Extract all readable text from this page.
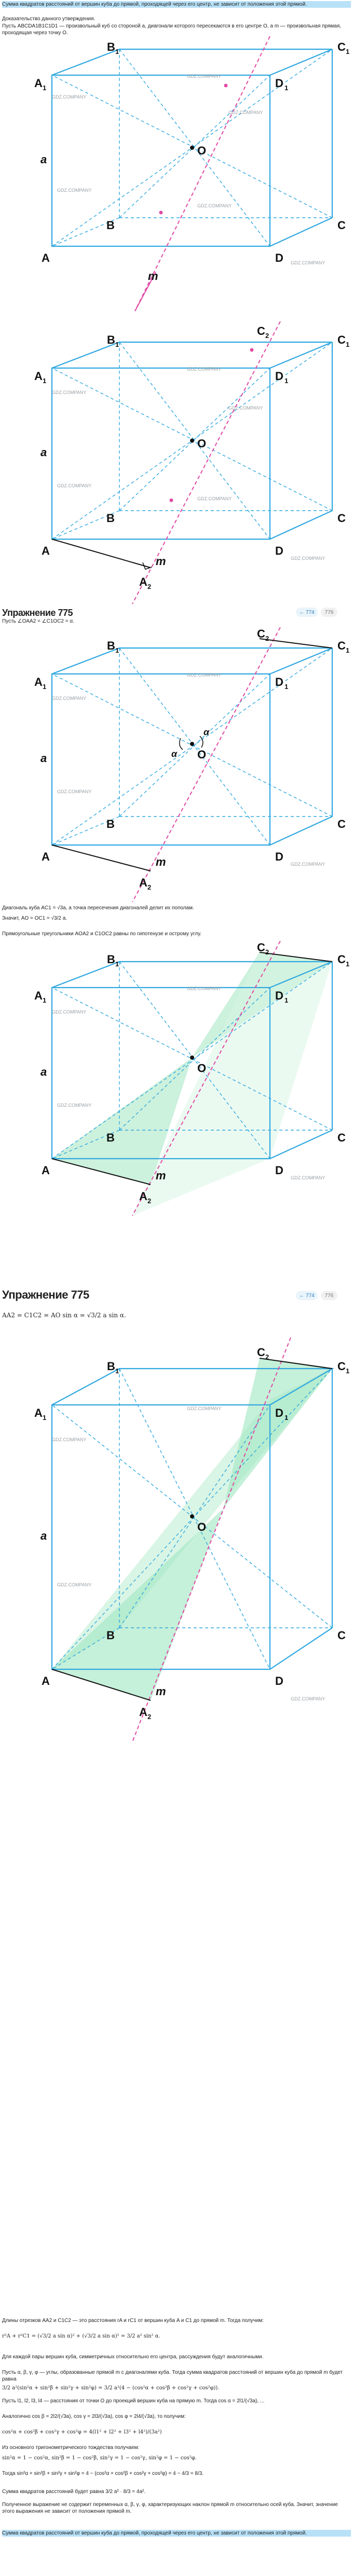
Сумма квадратов расстояний от вершин куба до прямой, проходящей через его центр, не зависит от положения этой прямой.
Доказательство данного утверждения.
Пусть ABCDA1B1C1D1 — произвольный куб со стороной a, диагонали которого пересекаются в его центре O, а m — произвольная прямая, проходящая через точку O.
A 1
B 1	C 1
D 1
A
B	C
D
O
a
m
GDZ.COMPANY
GDZ.COMPANY
GDZ.COMPANY
GDZ.COMPANY
GDZ.COMPANY
GDZ.COMPANY
A 1
B 1
C 2	C 1
D 1
A
B	C
D
O
a
m
A 2
GDZ.COMPANY
GDZ.COMPANY
GDZ.COMPANY
GDZ.COMPANY
GDZ.COMPANY
GDZ.COMPANY
Упражнение 775	← 774	776
Пусть ∠OAA2 = ∠C1OC2 = α.
A 1
B 1
C 2
C 1
D 1
A
B	C
D
O
α
α
a
m
A 2
GDZ.COMPANY
GDZ.COMPANY
GDZ.COMPANY
GDZ.COMPANY
Диагональ куба AC1 = √3a, а точка пересечения диагоналей делит их пополам.
Значит, AO = OC1 = √3/2 a.
Прямоугольные треугольники AOA2 и C1OC2 равны по гипотенузе и острому углу.
A 1
B 1
C 2
C 1
D 1
A
B	C
D
O
a
m
A 2
GDZ.COMPANY
GDZ.COMPANY
GDZ.COMPANY
GDZ.COMPANY
Упражнение 775	← 774	776
AA2 = C1C2 = AO sin α = √3/2 a sin α.
A 1
B 1
C 2
C 1
D 1
A
B	C
D
O
a
m
A 2
GDZ.COMPANY
GDZ.COMPANY
GDZ.COMPANY
GDZ.COMPANY
Длины отрезков AA2 и C1C2 — это расстояния rA и rC1 от вершин куба A и C1 до прямой m. Тогда получим:
r²A + r²C1 = (√3/2 a sin α)² + (√3/2 a sin α)² = 3/2 a² sin² α.
Для каждой пары вершин куба, симметричных относительно его центра, рассуждения будут аналогичными.
Пусть α, β, γ, φ — углы, образованные прямой m с диагоналями куба. Тогда сумма квадратов расстояний от вершин куба до прямой m будет равна
3/2 a²(sin²α + sin²β + sin²γ + sin²φ) = 3/2 a²(4 − (cos²α + cos²β + cos²γ + cos²φ)).
Пусть l1, l2, l3, l4 — расстояния от точки O до проекций вершин куба на прямую m. Тогда cos α = 2l1/(√3a), ...
Аналогично cos β = 2l2/(√3a), cos γ = 2l3/(√3a), cos φ = 2l4/(√3a), то получим:
cos²α + cos²β + cos²γ + cos²φ = 4(l1² + l2² + l3² + l4²)/(3a²)
Из основного тригонометрического тождества получаем:
sin²α = 1 − cos²α, sin²β = 1 − cos²β, sin²γ = 1 − cos²γ, sin²φ = 1 − cos²φ.
Тогда sin²α + sin²β + sin²γ + sin²φ = 4 − (cos²α + cos²β + cos²γ + cos²φ) = 4 − 4/3 = 8/3.
Сумма квадратов расстояний будет равна 3/2 a² · 8/3 = 4a².
Полученное выражение не содержит переменных α, β, γ, φ, характеризующих наклон прямой m относительно осей куба. Значит, значение этого выражения не зависит от положения прямой m.
Сумма квадратов расстояний от вершин куба до прямой, проходящей через его центр, не зависит от положения этой прямой.
